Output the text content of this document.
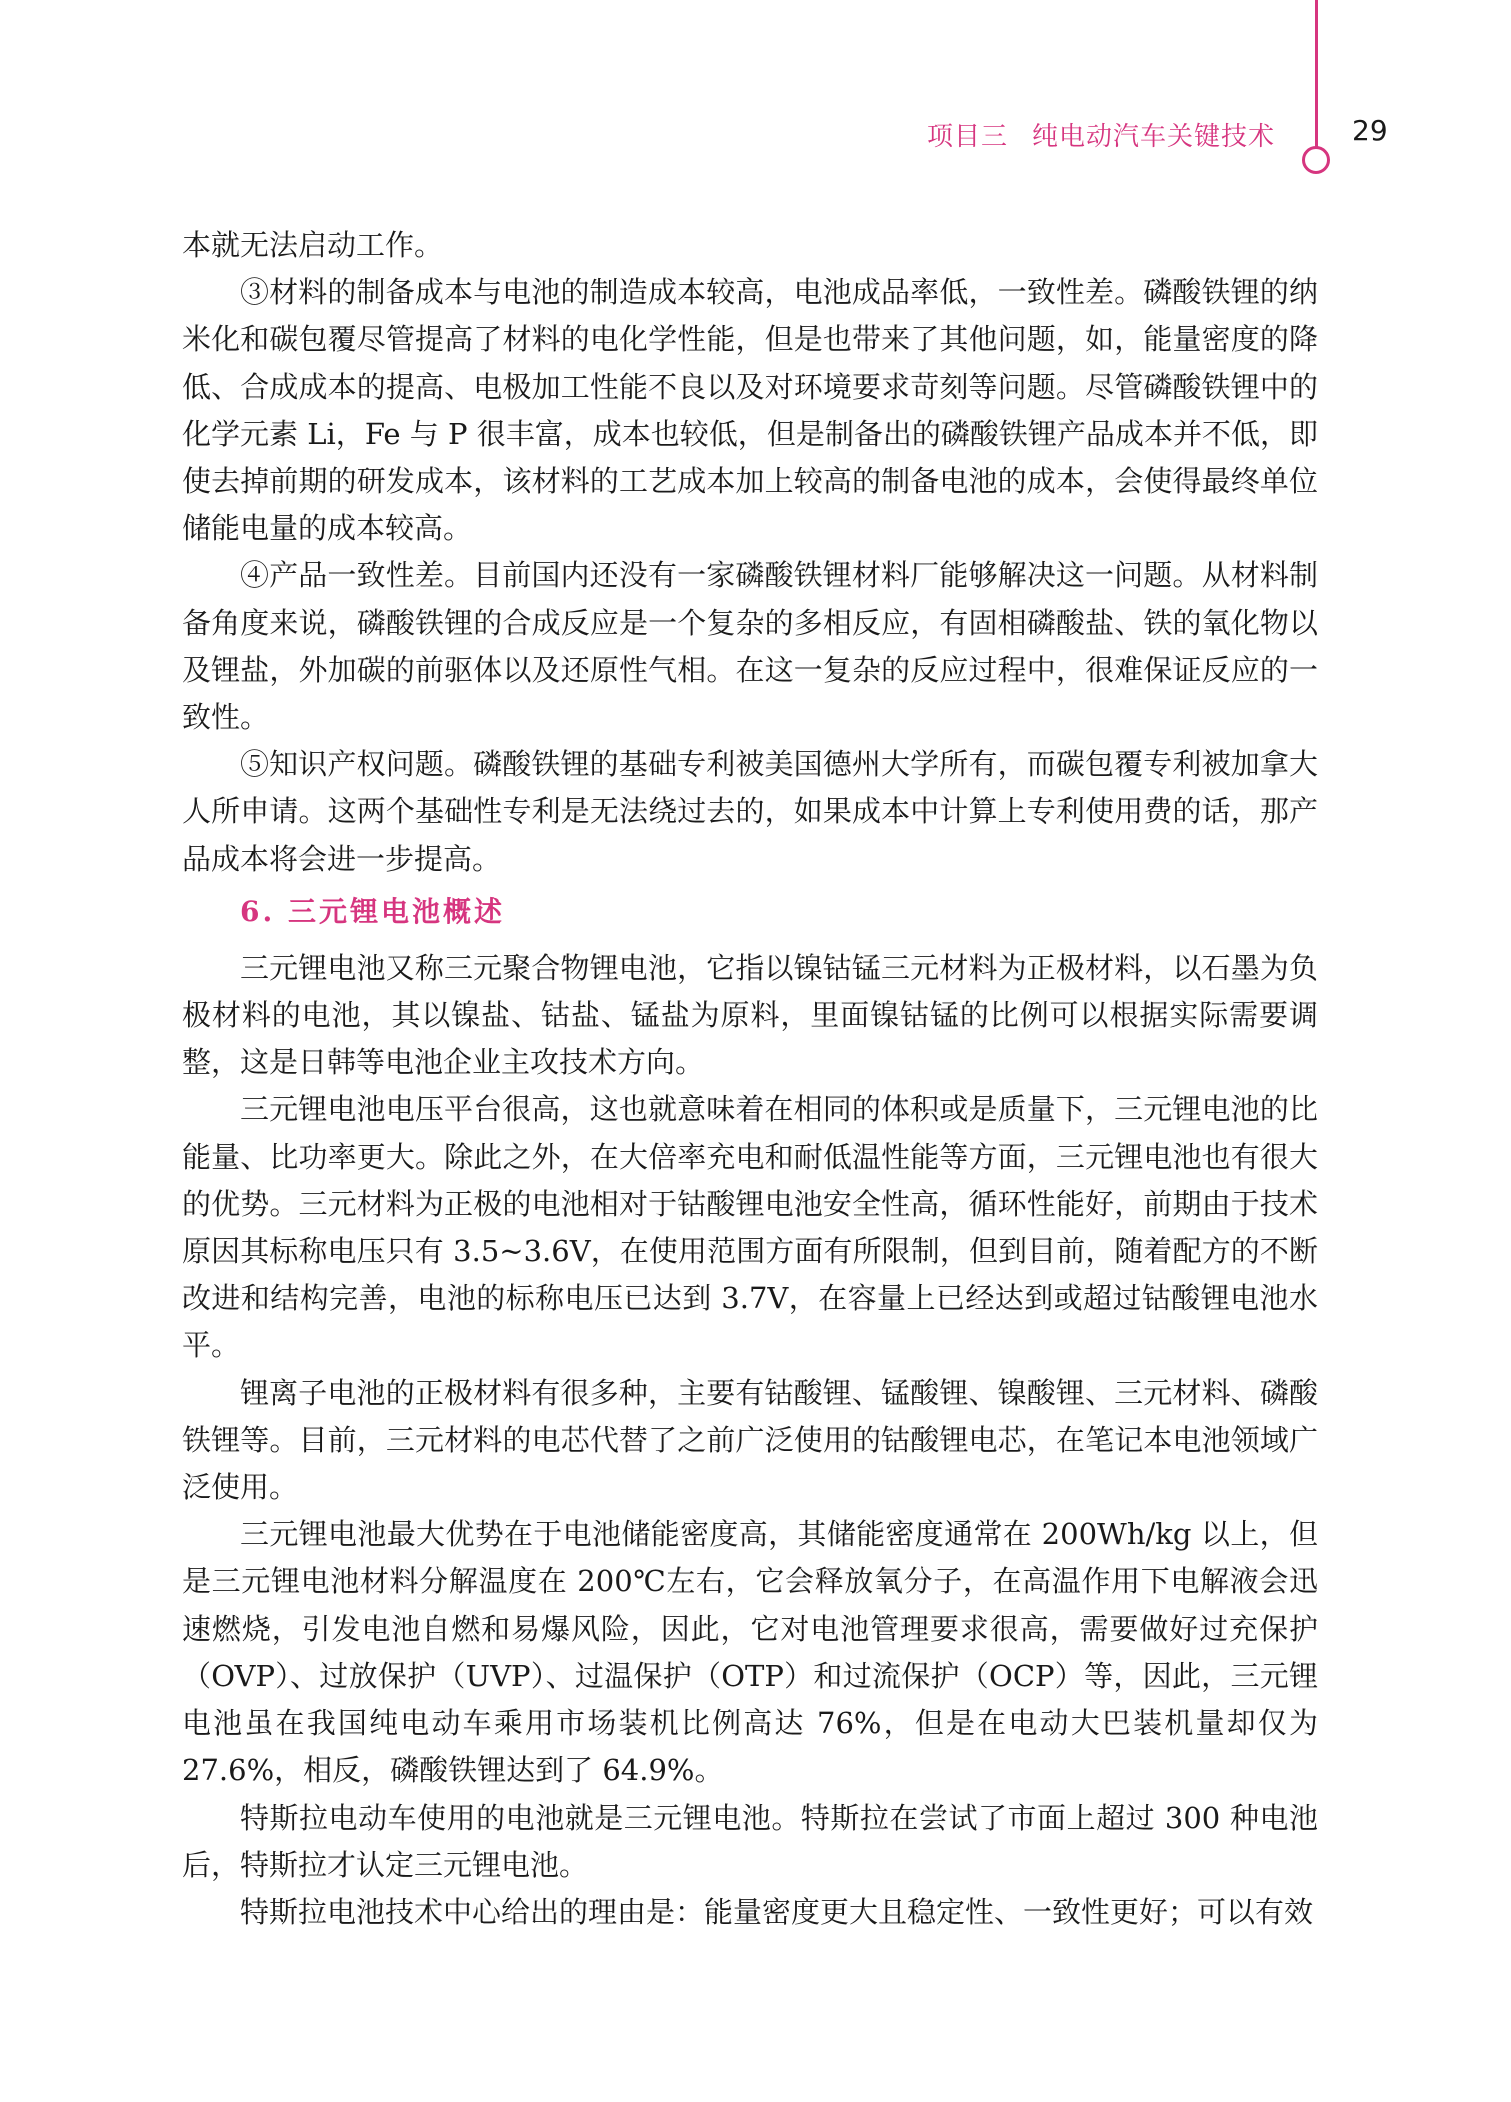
项目三 纯电动汽车关键技术	29

本就无法启动工作。

③材料的制备成本与电池的制造成本较高，电池成品率低，一致性差。磷酸铁锂的纳米化和碳包覆尽管提高了材料的电化学性能，但是也带来了其他问题，如，能量密度的降低、合成成本的提高、电极加工性能不良以及对环境要求苛刻等问题。尽管磷酸铁锂中的化学元素 Li，Fe 与 P 很丰富，成本也较低，但是制备出的磷酸铁锂产品成本并不低，即使去掉前期的研发成本，该材料的工艺成本加上较高的制备电池的成本，会使得最终单位储能电量的成本较高。

④产品一致性差。目前国内还没有一家磷酸铁锂材料厂能够解决这一问题。从材料制备角度来说，磷酸铁锂的合成反应是一个复杂的多相反应，有固相磷酸盐、铁的氧化物以及锂盐，外加碳的前驱体以及还原性气相。在这一复杂的反应过程中，很难保证反应的一致性。

⑤知识产权问题。磷酸铁锂的基础专利被美国德州大学所有，而碳包覆专利被加拿大人所申请。这两个基础性专利是无法绕过去的，如果成本中计算上专利使用费的话，那产品成本将会进一步提高。

6. 三元锂电池概述

三元锂电池又称三元聚合物锂电池，它指以镍钴锰三元材料为正极材料，以石墨为负极材料的电池，其以镍盐、钴盐、锰盐为原料，里面镍钴锰的比例可以根据实际需要调整，这是日韩等电池企业主攻技术方向。

三元锂电池电压平台很高，这也就意味着在相同的体积或是质量下，三元锂电池的比能量、比功率更大。除此之外，在大倍率充电和耐低温性能等方面，三元锂电池也有很大的优势。三元材料为正极的电池相对于钴酸锂电池安全性高，循环性能好，前期由于技术原因其标称电压只有 3.5~3.6V，在使用范围方面有所限制，但到目前，随着配方的不断改进和结构完善，电池的标称电压已达到 3.7V，在容量上已经达到或超过钴酸锂电池水平。

锂离子电池的正极材料有很多种，主要有钴酸锂、锰酸锂、镍酸锂、三元材料、磷酸铁锂等。目前，三元材料的电芯代替了之前广泛使用的钴酸锂电芯，在笔记本电池领域广泛使用。

三元锂电池最大优势在于电池储能密度高，其储能密度通常在 200Wh/kg 以上，但是三元锂电池材料分解温度在 200℃左右，它会释放氧分子，在高温作用下电解液会迅速燃烧，引发电池自燃和易爆风险，因此，它对电池管理要求很高，需要做好过充保护（OVP）、过放保护（UVP）、过温保护（OTP）和过流保护（OCP）等，因此，三元锂电池虽在我国纯电动车乘用市场装机比例高达 76%，但是在电动大巴装机量却仅为 27.6%，相反，磷酸铁锂达到了 64.9%。

特斯拉电动车使用的电池就是三元锂电池。特斯拉在尝试了市面上超过 300 种电池后，特斯拉才认定三元锂电池。

特斯拉电池技术中心给出的理由是：能量密度更大且稳定性、一致性更好；可以有效
